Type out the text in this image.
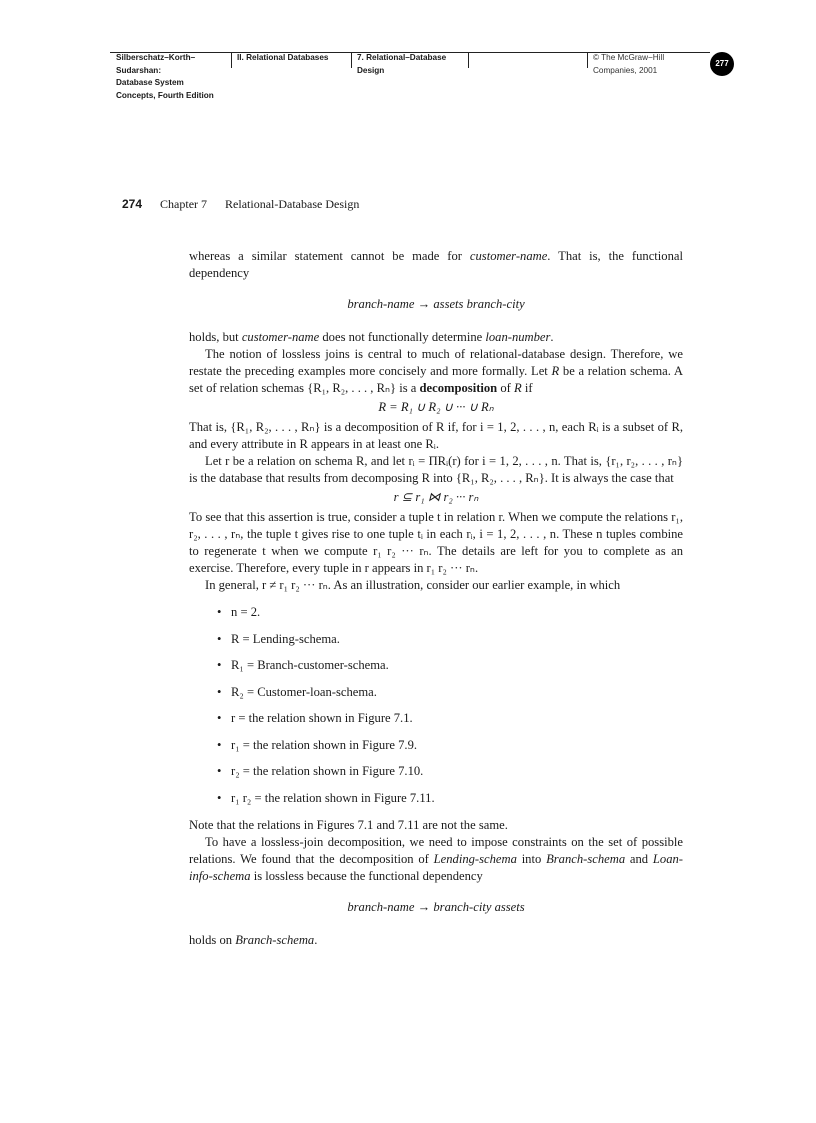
Silberschatz–Korth–Sudarshan:
Database System
Concepts, Fourth Edition
II. Relational Databases	7. Relational–Database
Design
© The McGraw−Hill
Companies, 2001
277
274 Chapter 7 Relational-Database Design

whereas a similar statement cannot be made for customer-name. That is, the functional dependency

branch-name → assets branch-city

holds, but customer-name does not functionally determine loan-number.

The notion of lossless joins is central to much of relational-database design. Therefore, we restate the preceding examples more concisely and more formally. Let R be a relation schema. A set of relation schemas {R₁, R₂, . . . , Rₙ} is a decomposition of R if

R = R₁ ∪ R₂ ∪ ··· ∪ Rₙ

That is, {R₁, R₂, . . . , Rₙ} is a decomposition of R if, for i = 1, 2, . . . , n, each Rᵢ is a subset of R, and every attribute in R appears in at least one Rᵢ.

Let r be a relation on schema R, and let rᵢ = ΠRᵢ(r) for i = 1, 2, . . . , n. That is, {r₁, r₂, . . . , rₙ} is the database that results from decomposing R into {R₁, R₂, . . . , Rₙ}. It is always the case that

r ⊆ r₁ ⋈ r₂ ··· rₙ

To see that this assertion is true, consider a tuple t in relation r. When we compute the relations r₁, r₂, . . . , rₙ, the tuple t gives rise to one tuple tᵢ in each rᵢ, i = 1, 2, . . . , n. These n tuples combine to regenerate t when we compute r₁ r₂ ··· rₙ. The details are left for you to complete as an exercise. Therefore, every tuple in r appears in r₁ r₂ ··· rₙ.

In general, r ≠ r₁ r₂ ··· rₙ. As an illustration, consider our earlier example, in which

• n = 2.
• R = Lending-schema.
• R₁ = Branch-customer-schema.
• R₂ = Customer-loan-schema.
• r = the relation shown in Figure 7.1.
• r₁ = the relation shown in Figure 7.9.
• r₂ = the relation shown in Figure 7.10.
• r₁ r₂ = the relation shown in Figure 7.11.

Note that the relations in Figures 7.1 and 7.11 are not the same.

To have a lossless-join decomposition, we need to impose constraints on the set of possible relations. We found that the decomposition of Lending-schema into Branch-schema and Loan-info-schema is lossless because the functional dependency

branch-name → branch-city assets

holds on Branch-schema.
